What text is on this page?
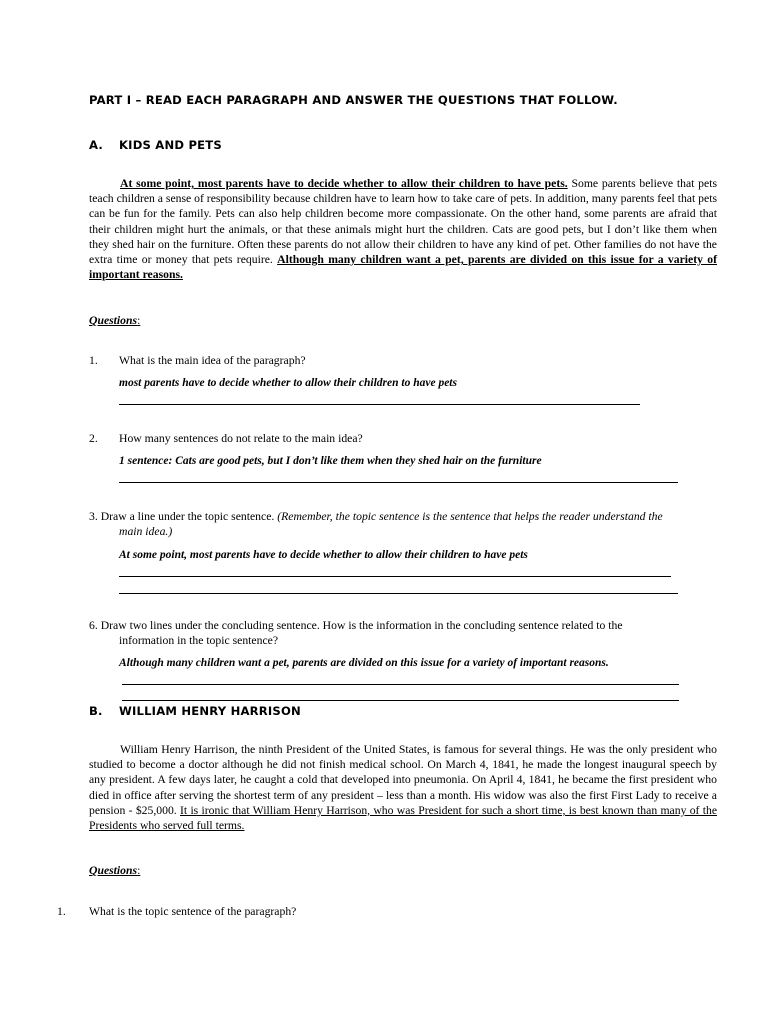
PART I – READ EACH PARAGRAPH AND ANSWER THE QUESTIONS THAT FOLLOW.
A. KIDS AND PETS

At some point, most parents have to decide whether to allow their children to have pets. Some parents believe that pets teach children a sense of responsibility because children have to learn how to take care of pets. In addition, many parents feel that pets can be fun for the family. Pets can also help children become more compassionate. On the other hand, some parents are afraid that their children might hurt the animals, or that these animals might hurt the children. Cats are good pets, but I don’t like them when they shed hair on the furniture. Often these parents do not allow their children to have any kind of pet. Other families do not have the extra time or money that pets require. Although many children want a pet, parents are divided on this issue for a variety of important reasons.

Questions:
1. What is the main idea of the paragraph?
most parents have to decide whether to allow their children to have pets
2. How many sentences do not relate to the main idea?
1 sentence: Cats are good pets, but I don’t like them when they shed hair on the furniture
3. Draw a line under the topic sentence. (Remember, the topic sentence is the sentence that helps the reader understand the
main idea.)
At some point, most parents have to decide whether to allow their children to have pets
6. Draw two lines under the concluding sentence. How is the information in the concluding sentence related to the
information in the topic sentence?
Although many children want a pet, parents are divided on this issue for a variety of important reasons.
B. WILLIAM HENRY HARRISON

William Henry Harrison, the ninth President of the United States, is famous for several things. He was the only president who studied to become a doctor although he did not finish medical school. On March 4, 1841, he made the longest inaugural speech by any president. A few days later, he caught a cold that developed into pneumonia. On April 4, 1841, he became the first president who died in office after serving the shortest term of any president – less than a month. His widow was also the first First Lady to receive a pension - $25,000. It is ironic that William Henry Harrison, who was President for such a short time, is best known than many of the Presidents who served full terms.

Questions:
1. What is the topic sentence of the paragraph?
